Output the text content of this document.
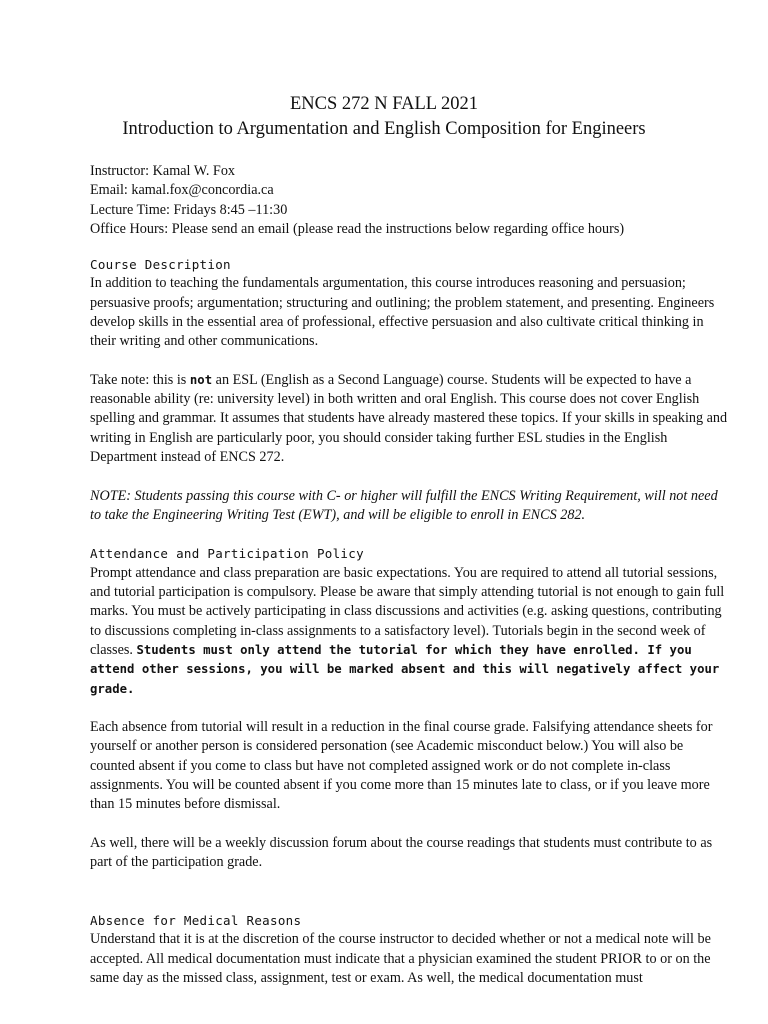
ENCS 272 N FALL 2021
Introduction to Argumentation and English Composition for Engineers

Instructor: Kamal W. Fox

Email: kamal.fox@concordia.ca

Lecture Time: Fridays 8:45 –11:30

Office Hours: Please send an email (please read the instructions below regarding office hours)

Course Description

In addition to teaching the fundamentals argumentation, this course introduces reasoning and persuasion; persuasive proofs; argumentation; structuring and outlining; the problem statement, and presenting. Engineers develop skills in the essential area of professional, effective persuasion and also cultivate critical thinking in their writing and other communications.

Take note: this is not an ESL (English as a Second Language) course. Students will be expected to have a reasonable ability (re: university level) in both written and oral English. This course does not cover English spelling and grammar. It assumes that students have already mastered these topics. If your skills in speaking and writing in English are particularly poor, you should consider taking further ESL studies in the English Department instead of ENCS 272.

NOTE: Students passing this course with C- or higher will fulfill the ENCS Writing Requirement, will not need to take the Engineering Writing Test (EWT), and will be eligible to enroll in ENCS 282.

Attendance and Participation Policy

Prompt attendance and class preparation are basic expectations. You are required to attend all tutorial sessions, and tutorial participation is compulsory. Please be aware that simply attending tutorial is not enough to gain full marks. You must be actively participating in class discussions and activities (e.g. asking questions, contributing to discussions completing in-class assignments to a satisfactory level). Tutorials begin in the second week of classes. Students must only attend the tutorial for which they have enrolled. If you attend other sessions, you will be marked absent and this will negatively affect your grade.

Each absence from tutorial will result in a reduction in the final course grade. Falsifying attendance sheets for yourself or another person is considered personation (see Academic misconduct below.) You will also be counted absent if you come to class but have not completed assigned work or do not complete in-class assignments. You will be counted absent if you come more than 15 minutes late to class, or if you leave more than 15 minutes before dismissal.

As well, there will be a weekly discussion forum about the course readings that students must contribute to as part of the participation grade.

Absence for Medical Reasons

Understand that it is at the discretion of the course instructor to decided whether or not a medical note will be accepted. All medical documentation must indicate that a physician examined the student PRIOR to or on the same day as the missed class, assignment, test or exam. As well, the medical documentation must
